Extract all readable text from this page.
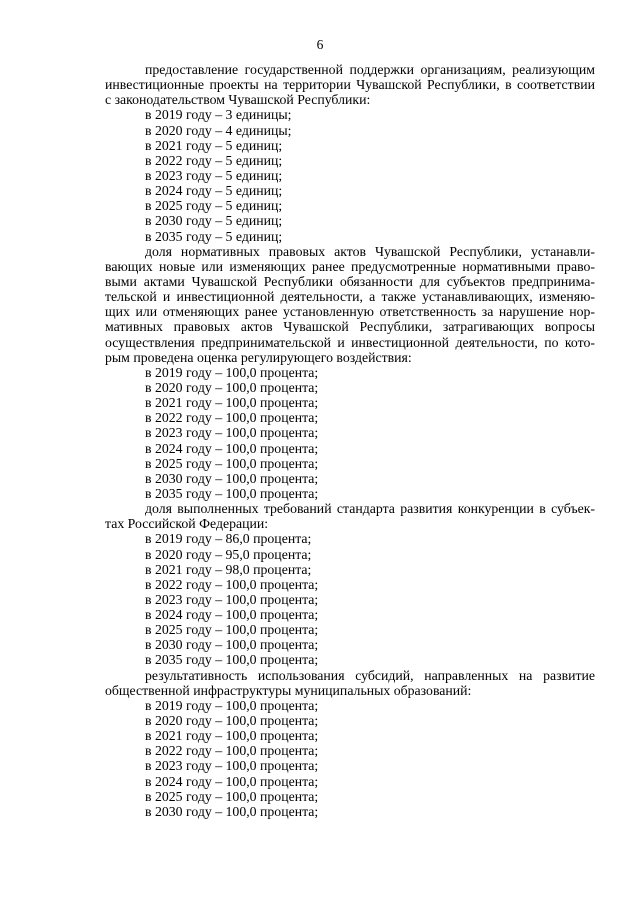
6
предоставление государственной поддержки организациям, реализующим
инвестиционные проекты на территории Чувашской Республики, в соответствии
с законодательством Чувашской Республики:
в 2019 году – 3 единицы;
в 2020 году – 4 единицы;
в 2021 году – 5 единиц;
в 2022 году – 5 единиц;
в 2023 году – 5 единиц;
в 2024 году – 5 единиц;
в 2025 году – 5 единиц;
в 2030 году – 5 единиц;
в 2035 году – 5 единиц;
доля нормативных правовых актов Чувашской Республики, устанавли-
вающих новые или изменяющих ранее предусмотренные нормативными право-
выми актами Чувашской Республики обязанности для субъектов предпринима-
тельской и инвестиционной деятельности, а также устанавливающих, изменяю-
щих или отменяющих ранее установленную ответственность за нарушение нор-
мативных правовых актов Чувашской Республики, затрагивающих вопросы
осуществления предпринимательской и инвестиционной деятельности, по кото-
рым проведена оценка регулирующего воздействия:
в 2019 году – 100,0 процента;
в 2020 году – 100,0 процента;
в 2021 году – 100,0 процента;
в 2022 году – 100,0 процента;
в 2023 году – 100,0 процента;
в 2024 году – 100,0 процента;
в 2025 году – 100,0 процента;
в 2030 году – 100,0 процента;
в 2035 году – 100,0 процента;
доля выполненных требований стандарта развития конкуренции в субъек-
тах Российской Федерации:
в 2019 году – 86,0 процента;
в 2020 году – 95,0 процента;
в 2021 году – 98,0 процента;
в 2022 году – 100,0 процента;
в 2023 году – 100,0 процента;
в 2024 году – 100,0 процента;
в 2025 году – 100,0 процента;
в 2030 году – 100,0 процента;
в 2035 году – 100,0 процента;
результативность использования субсидий, направленных на развитие
общественной инфраструктуры муниципальных образований:
в 2019 году – 100,0 процента;
в 2020 году – 100,0 процента;
в 2021 году – 100,0 процента;
в 2022 году – 100,0 процента;
в 2023 году – 100,0 процента;
в 2024 году – 100,0 процента;
в 2025 году – 100,0 процента;
в 2030 году – 100,0 процента;
